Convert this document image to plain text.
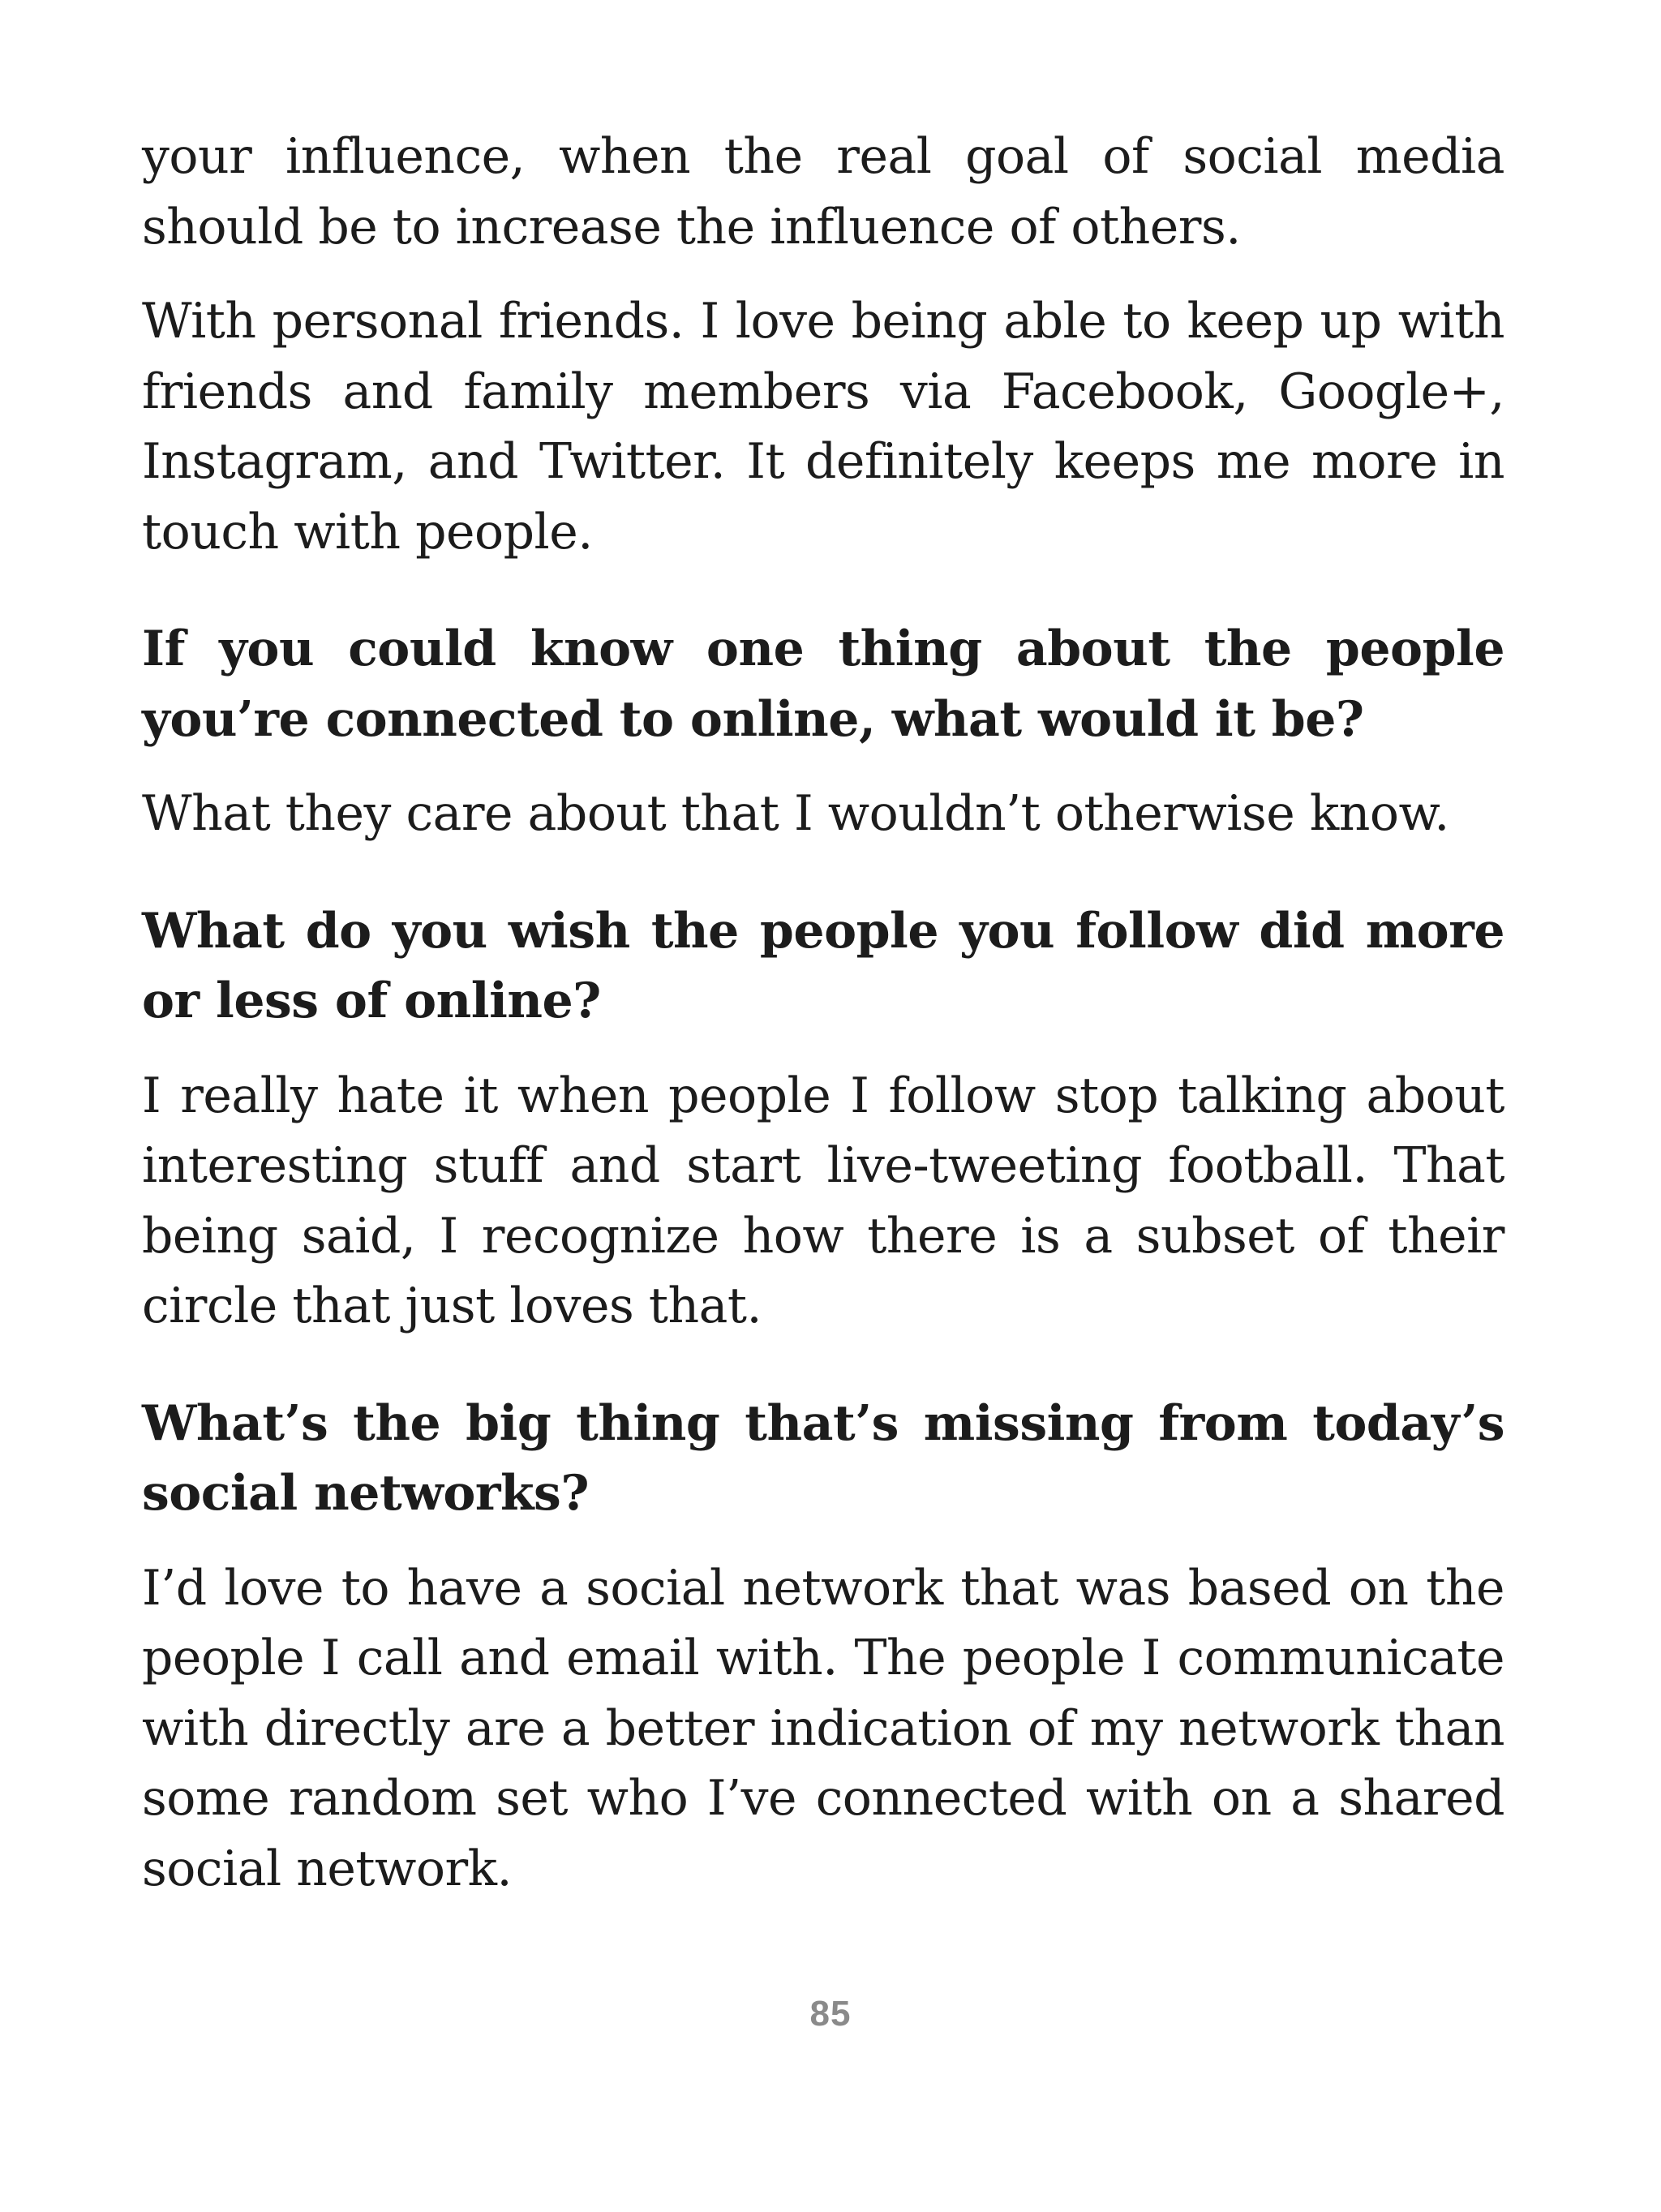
your influence, when the real goal of social media should be to increase the influence of others.

With personal friends. I love being able to keep up with friends and family members via Facebook, Google+, Instagram, and Twitter. It definitely keeps me more in touch with people.

If you could know one thing about the people you’re connected to online, what would it be?

What they care about that I wouldn’t otherwise know.

What do you wish the people you follow did more or less of online?

I really hate it when people I follow stop talking about interesting stuff and start live-tweeting football. That being said, I recognize how there is a subset of their circle that just loves that.

What’s the big thing that’s missing from today’s social networks?

I’d love to have a social network that was based on the people I call and email with. The people I communicate with directly are a better indication of my network than some random set who I’ve connected with on a shared social network.

85
